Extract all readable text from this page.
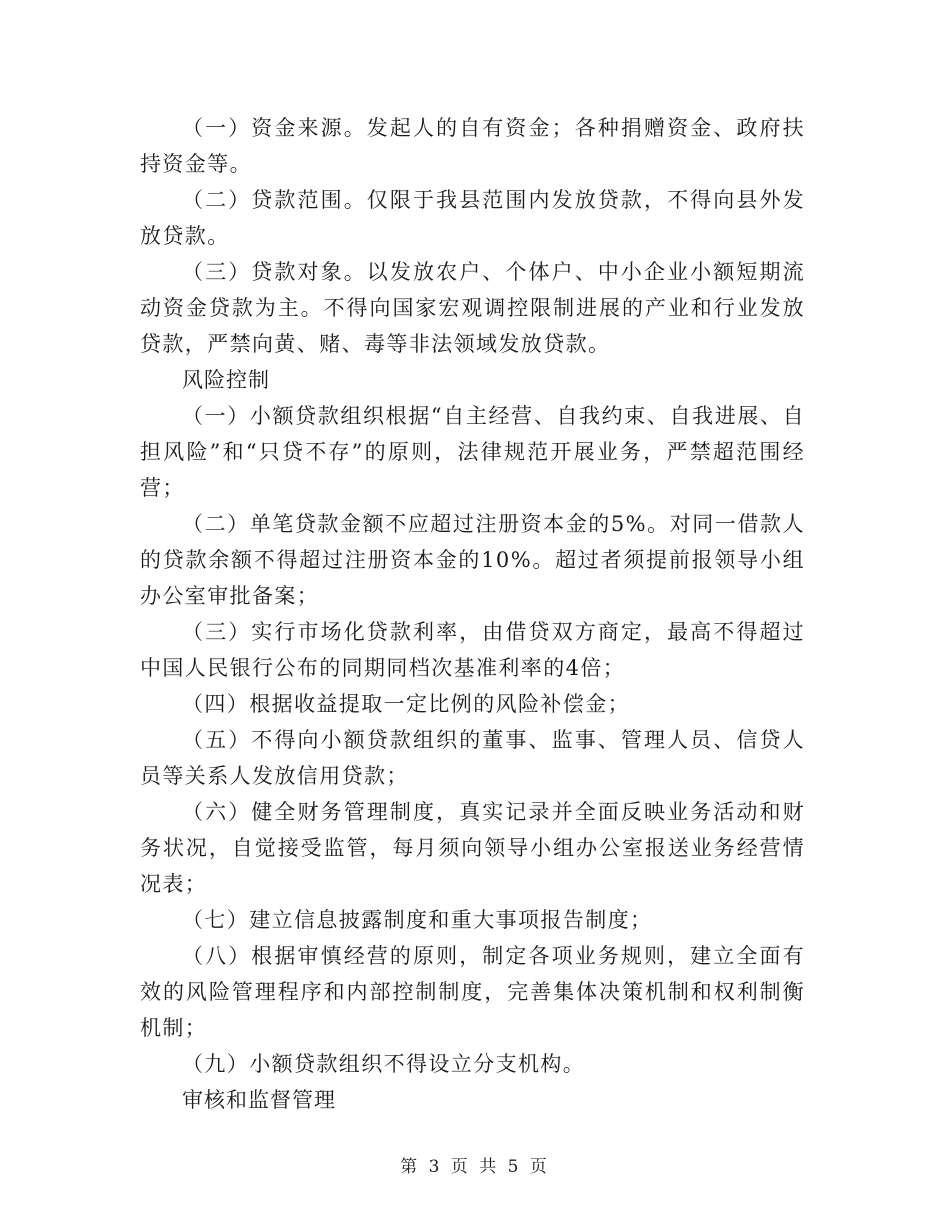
（一）资金来源。发起人的自有资金；各种捐赠资金、政府扶持资金等。

（二）贷款范围。仅限于我县范围内发放贷款，不得向县外发放贷款。

（三）贷款对象。以发放农户、个体户、中小企业小额短期流动资金贷款为主。不得向国家宏观调控限制进展的产业和行业发放贷款，严禁向黄、赌、毒等非法领域发放贷款。

风险控制

（一）小额贷款组织根据“自主经营、自我约束、自我进展、自担风险”和“只贷不存”的原则，法律规范开展业务，严禁超范围经营；

（二）单笔贷款金额不应超过注册资本金的5%。对同一借款人的贷款余额不得超过注册资本金的10%。超过者须提前报领导小组办公室审批备案；

（三）实行市场化贷款利率，由借贷双方商定，最高不得超过中国人民银行公布的同期同档次基准利率的4倍；

（四）根据收益提取一定比例的风险补偿金；

（五）不得向小额贷款组织的董事、监事、管理人员、信贷人员等关系人发放信用贷款；

（六）健全财务管理制度，真实记录并全面反映业务活动和财务状况，自觉接受监管，每月须向领导小组办公室报送业务经营情况表；

（七）建立信息披露制度和重大事项报告制度；

（八）根据审慎经营的原则，制定各项业务规则，建立全面有效的风险管理程序和内部控制制度，完善集体决策机制和权利制衡机制；

（九）小额贷款组织不得设立分支机构。

审核和监督管理

第 3 页 共 5 页
